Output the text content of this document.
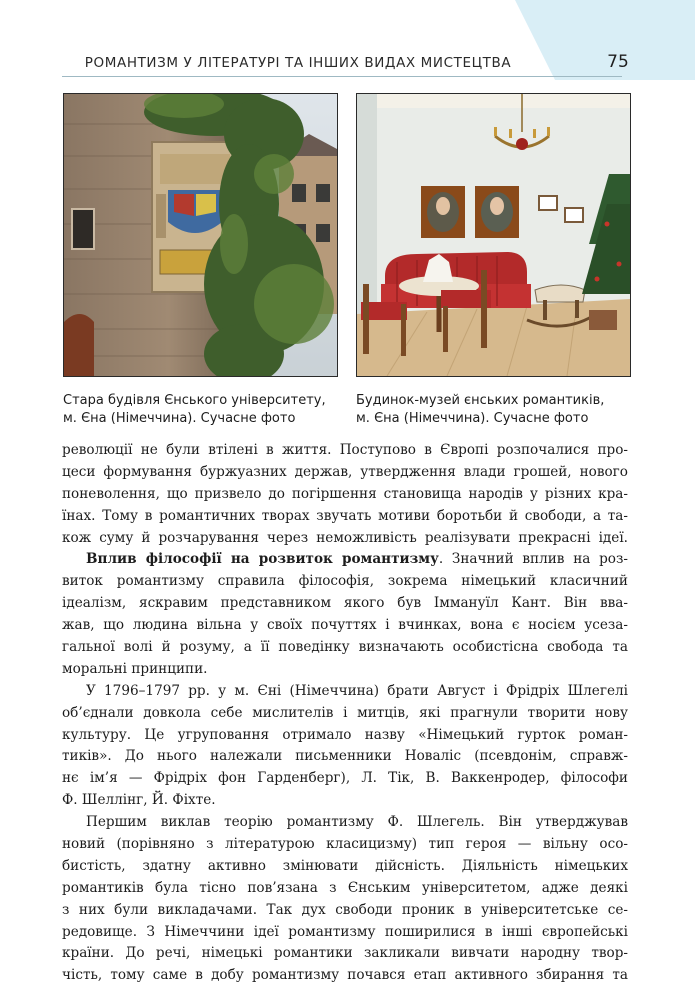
РОМАНТИЗМ У ЛІТЕРАТУРІ ТА ІНШИХ ВИДАХ МИСТЕЦТВА	75
Стара будівля Єнського університету,
м. Єна (Німеччина). Сучасне фото
Будинок-музей єнських романтиків,
м. Єна (Німеччина). Сучасне фото
революції не були втілені в життя. Поступово в Європі розпочалися про-
цеси формування буржуазних держав, утвердження влади грошей, нового
поневолення, що призвело до погіршення становища народів у різних кра-
їнах. Тому в романтичних творах звучать мотиви боротьби й свободи, а та-
кож суму й розчарування через неможливість реалізувати прекрасні ідеї.
Вплив філософії на розвиток романтизму. Значний вплив на роз-
виток романтизму справила філософія, зокрема німецький класичний
ідеалізм, яскравим представником якого був Іммануїл Кант. Він вва-
жав, що людина вільна у своїх почуттях і вчинках, вона є носієм усеза-
гальної волі й розуму, а її поведінку визначають особистісна свобода та
моральні принципи.
У 1796–1797 рр. у м. Єні (Німеччина) брати Август і Фрідріх Шлегелі
об’єднали довкола себе мислителів і митців, які прагнули творити нову
культуру. Це угруповання отримало назву «Німецький гурток роман-
тиків». До нього належали письменники Новаліс (псевдонім, справж-
нє ім’я — Фрідріх фон Гарденберг), Л. Тік, В. Ваккенродер, філософи
Ф. Шеллінг, Й. Фіхте.
Першим виклав теорію романтизму Ф. Шлегель. Він утверджував
новий (порівняно з літературою класицизму) тип героя — вільну осо-
бистість, здатну активно змінювати дійсність. Діяльність німецьких
романтиків була тісно пов’язана з Єнським університетом, адже деякі
з них були викладачами. Так дух свободи проник в університетське се-
редовище. З Німеччини ідеї романтизму поширилися в інші європейські
країни. До речі, німецькі романтики закликали вивчати народну твор-
чість, тому саме в добу романтизму почався етап активного збирання та
